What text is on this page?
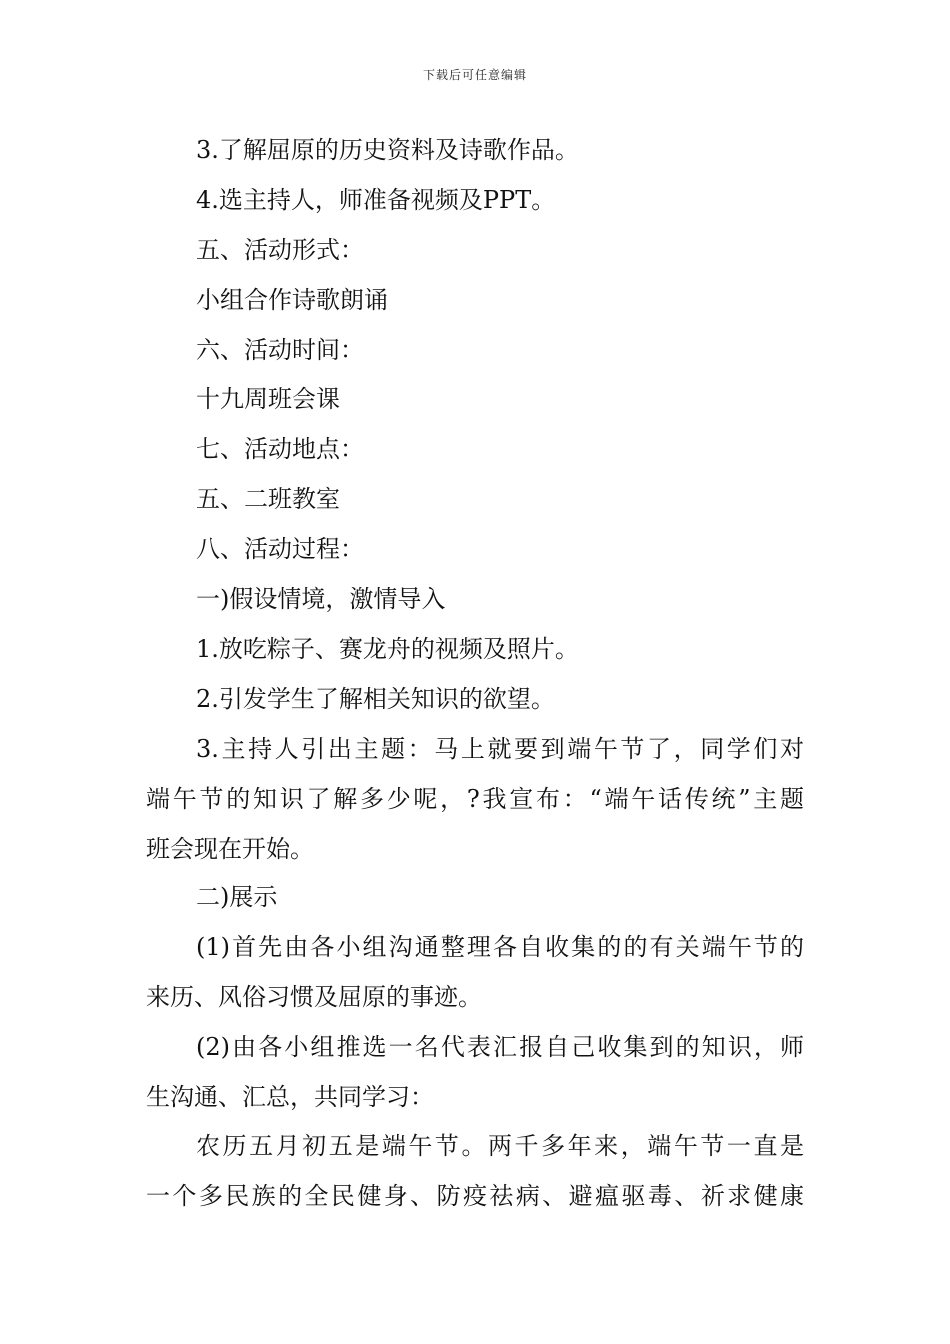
下载后可任意编辑
3.了解屈原的历史资料及诗歌作品。
4.选主持人，师准备视频及PPT。
五、活动形式：
小组合作诗歌朗诵
六、活动时间：
十九周班会课
七、活动地点：
五、二班教室
八、活动过程：
一)假设情境，激情导入
1.放吃粽子、赛龙舟的视频及照片。
2.引发学生了解相关知识的欲望。
3.主持人引出主题：马上就要到端午节了，同学们对
端午节的知识了解多少呢，?我宣布：“端午话传统”主题
班会现在开始。
二)展示
(1)首先由各小组沟通整理各自收集的的有关端午节的
来历、风俗习惯及屈原的事迹。
(2)由各小组推选一名代表汇报自己收集到的知识，师
生沟通、汇总，共同学习：
农历五月初五是端午节。两千多年来，端午节一直是
一个多民族的全民健身、防疫祛病、避瘟驱毒、祈求健康
